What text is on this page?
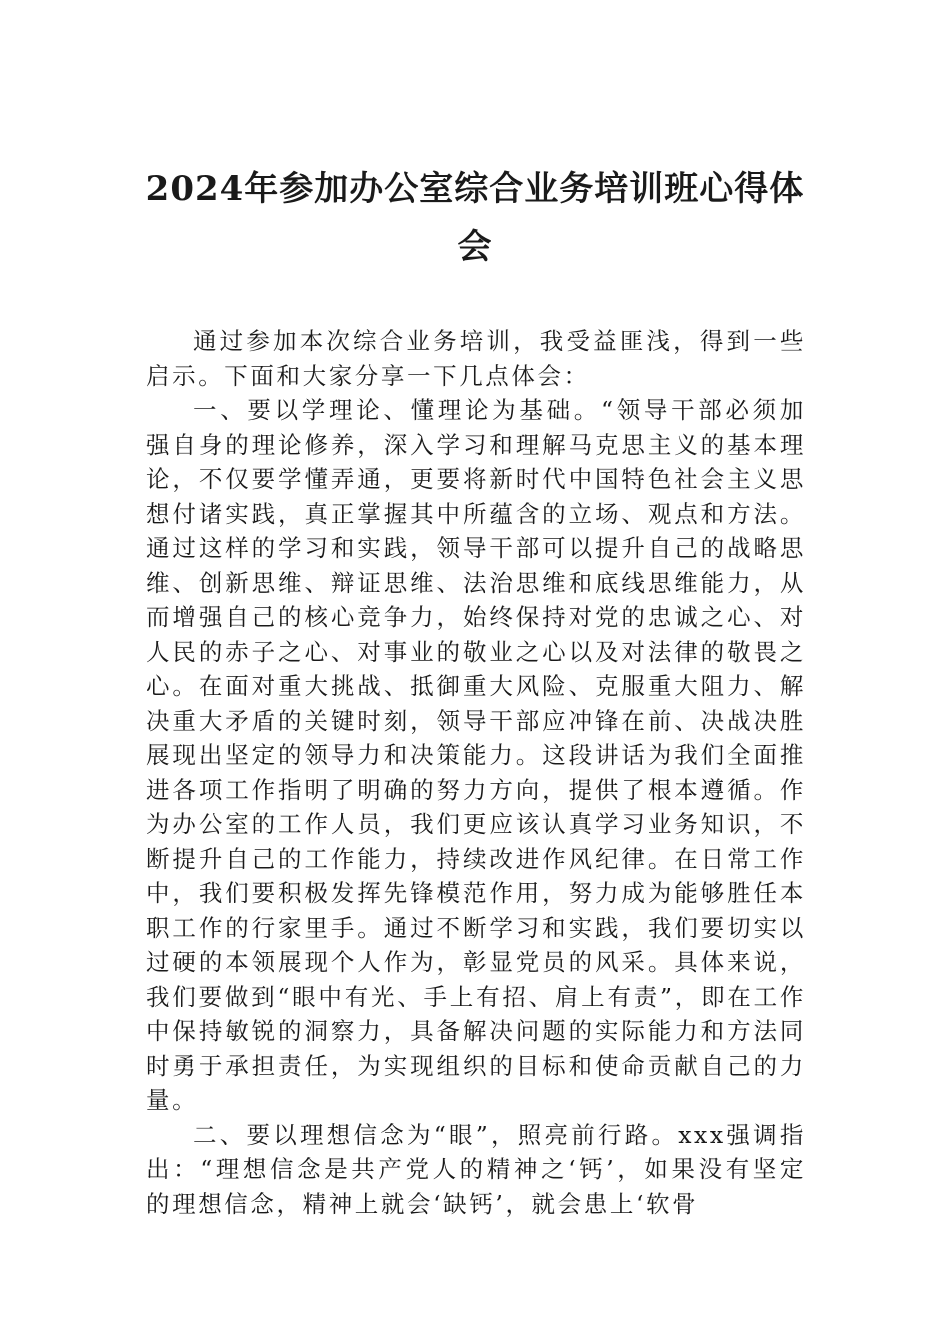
2024年参加办公室综合业务培训班心得体会

通过参加本次综合业务培训，我受益匪浅，得到一些启示。下面和大家分享一下几点体会：

一、要以学理论、懂理论为基础。“领导干部必须加强自身的理论修养，深入学习和理解马克思主义的基本理论，不仅要学懂弄通，更要将新时代中国特色社会主义思想付诸实践，真正掌握其中所蕴含的立场、观点和方法。通过这样的学习和实践，领导干部可以提升自己的战略思维、创新思维、辩证思维、法治思维和底线思维能力，从而增强自己的核心竞争力，始终保持对党的忠诚之心、对人民的赤子之心、对事业的敬业之心以及对法律的敬畏之心。在面对重大挑战、抵御重大风险、克服重大阻力、解决重大矛盾的关键时刻，领导干部应冲锋在前、决战决胜展现出坚定的领导力和决策能力。这段讲话为我们全面推进各项工作指明了明确的努力方向，提供了根本遵循。作为办公室的工作人员，我们更应该认真学习业务知识，不断提升自己的工作能力，持续改进作风纪律。在日常工作中，我们要积极发挥先锋模范作用，努力成为能够胜任本职工作的行家里手。通过不断学习和实践，我们要切实以过硬的本领展现个人作为，彰显党员的风采。具体来说，我们要做到“眼中有光、手上有招、肩上有责”，即在工作中保持敏锐的洞察力，具备解决问题的实际能力和方法同时勇于承担责任，为实现组织的目标和使命贡献自己的力量。

二、要以理想信念为“眼”，照亮前行路。xxx强调指出：“理想信念是共产党人的精神之‘钙’，如果没有坚定的理想信念，精神上就会‘缺钙’，就会患上‘软骨
